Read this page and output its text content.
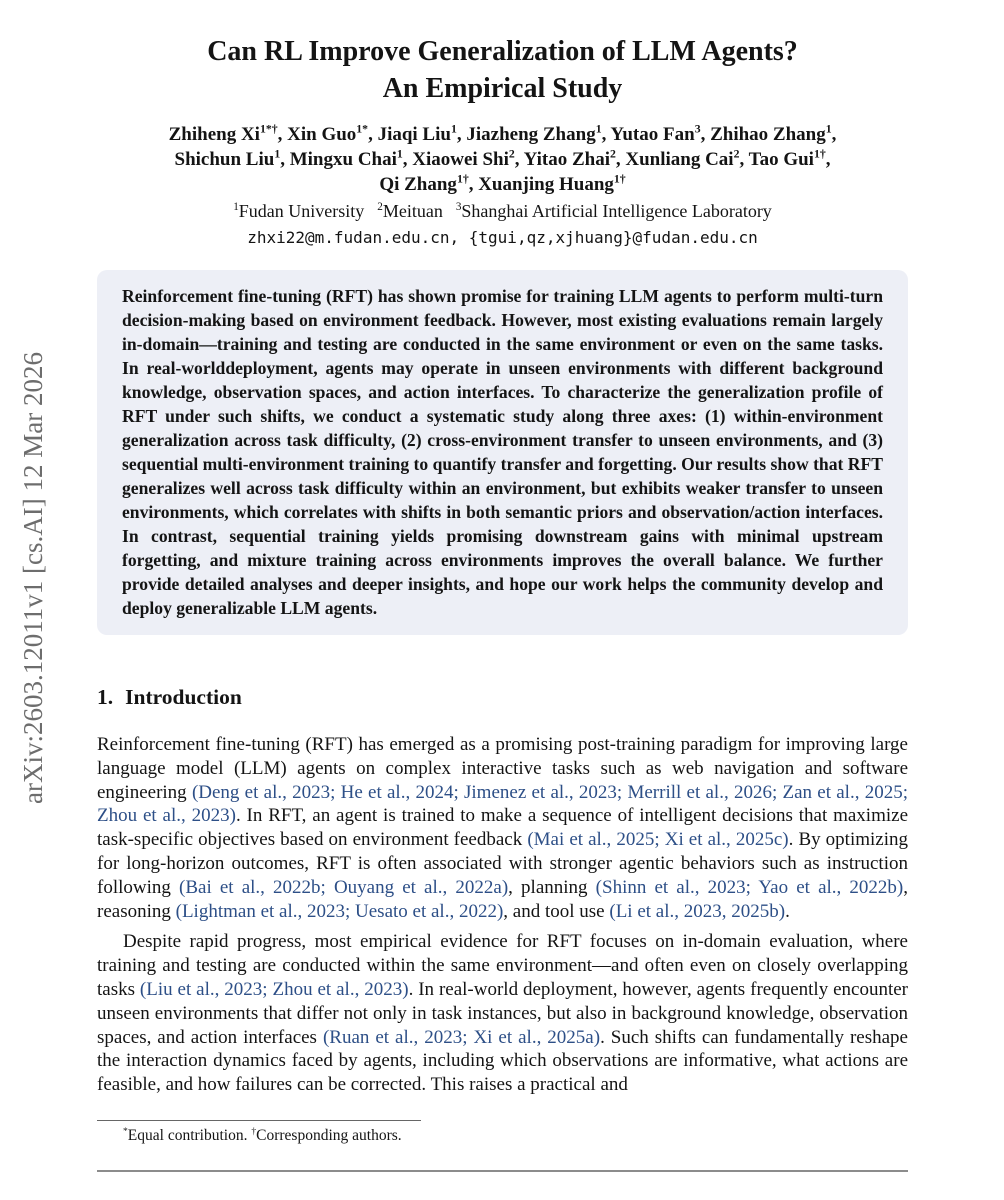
arXiv:2603.12011v1 [cs.AI] 12 Mar 2026
Can RL Improve Generalization of LLM Agents?
An Empirical Study
Zhiheng $Xi^{1*\dagger}$, Xin Guo$^{1*}$, Jiaqi Liu$^1$, Jiazheng Zhang$^1$, Yutao Fan$^3$, Zhihao Zhang$^1$,
Shichun Liu$^1$, Mingxu Chai$^1$, Xiaowei Shi$^2$, Yitao Zhai$^2$, Xunliang Cai$^2$, Tao Gui$^{1\dagger}$,
Qi Zhang$^{1\dagger}$, Xuanjing Huang$^{1\dagger}$
$^1$Fudan University $^2$Meituan $^3$Shanghai Artificial Intelligence Laboratory
zhxi22@m.fudan.edu.cn, {tgui,qz,xjhuang}@fudan.edu.cn

Reinforcement fine-tuning (RFT) has shown promise for training LLM agents to perform multi-turn decision-making based on environment feedback. However, most existing evaluations remain largely in-domain—training and testing are conducted in the same environment or even on the same tasks. In real-worlddeployment, agents may operate in unseen environments with different background knowledge, observation spaces, and action interfaces. To characterize the generalization profile of RFT under such shifts, we conduct a systematic study along three axes: (1) within-environment generalization across task difficulty, (2) cross-environment transfer to unseen environments, and (3) sequential multi-environment training to quantify transfer and forgetting. Our results show that RFT generalizes well across task difficulty within an environment, but exhibits weaker transfer to unseen environments, which correlates with shifts in both semantic priors and observation/action interfaces. In contrast, sequential training yields promising downstream gains with minimal upstream forgetting, and mixture training across environments improves the overall balance. We further provide detailed analyses and deeper insights, and hope our work helps the community develop and deploy generalizable LLM agents.

1. Introduction

Reinforcement fine-tuning (RFT) has emerged as a promising post-training paradigm for improving large language model (LLM) agents on complex interactive tasks such as web navigation and software engineering (Deng et al., 2023; He et al., 2024; Jimenez et al., 2023; Merrill et al., 2026; Zan et al., 2025; Zhou et al., 2023). In RFT, an agent is trained to make a sequence of intelligent decisions that maximize task-specific objectives based on environment feedback (Mai et al., 2025; Xi et al., 2025c). By optimizing for long-horizon outcomes, RFT is often associated with stronger agentic behaviors such as instruction following (Bai et al., 2022b; Ouyang et al., 2022a), planning (Shinn et al., 2023; Yao et al., 2022b), reasoning (Lightman et al., 2023; Uesato et al., 2022), and tool use (Li et al., 2023, 2025b).

Despite rapid progress, most empirical evidence for RFT focuses on in-domain evaluation, where training and testing are conducted within the same environment—and often even on closely overlapping tasks (Liu et al., 2023; Zhou et al., 2023). In real-world deployment, however, agents frequently encounter unseen environments that differ not only in task instances, but also in background knowledge, observation spaces, and action interfaces (Ruan et al., 2023; Xi et al., 2025a). Such shifts can fundamentally reshape the interaction dynamics faced by agents, including which observations are informative, what actions are feasible, and how failures can be corrected. This raises a practical and

*Equal contribution. †Corresponding authors.
